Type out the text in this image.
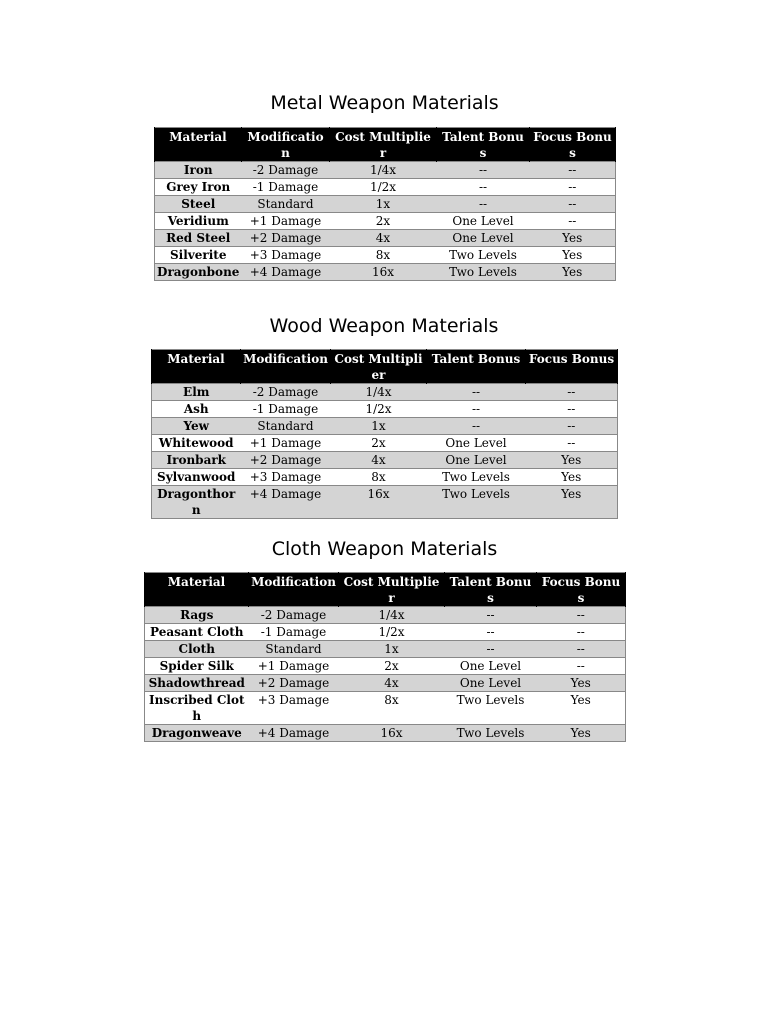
Metal Weapon Materials
Material	Modification	Cost Multiplier	Talent Bonus	Focus Bonus
Iron	-2 Damage	1/4x	--	--
Grey Iron	-1 Damage	1/2x	--	--
Steel	Standard	1x	--	--
Veridium	+1 Damage	2x	One Level	--
Red Steel	+2 Damage	4x	One Level	Yes
Silverite	+3 Damage	8x	Two Levels	Yes
Dragonbone	+4 Damage	16x	Two Levels	Yes
Wood Weapon Materials
Material	Modification	Cost Multiplier	Talent Bonus	Focus Bonus
Elm	-2 Damage	1/4x	--	--
Ash	-1 Damage	1/2x	--	--
Yew	Standard	1x	--	--
Whitewood	+1 Damage	2x	One Level	--
Ironbark	+2 Damage	4x	One Level	Yes
Sylvanwood	+3 Damage	8x	Two Levels	Yes
Dragonthorn	+4 Damage	16x	Two Levels	Yes
Cloth Weapon Materials
Material	Modification	Cost Multiplier	Talent Bonus	Focus Bonus
Rags	-2 Damage	1/4x	--	--
Peasant Cloth	-1 Damage	1/2x	--	--
Cloth	Standard	1x	--	--
Spider Silk	+1 Damage	2x	One Level	--
Shadowthread	+2 Damage	4x	One Level	Yes
Inscribed Cloth	+3 Damage	8x	Two Levels	Yes
Dragonweave	+4 Damage	16x	Two Levels	Yes
